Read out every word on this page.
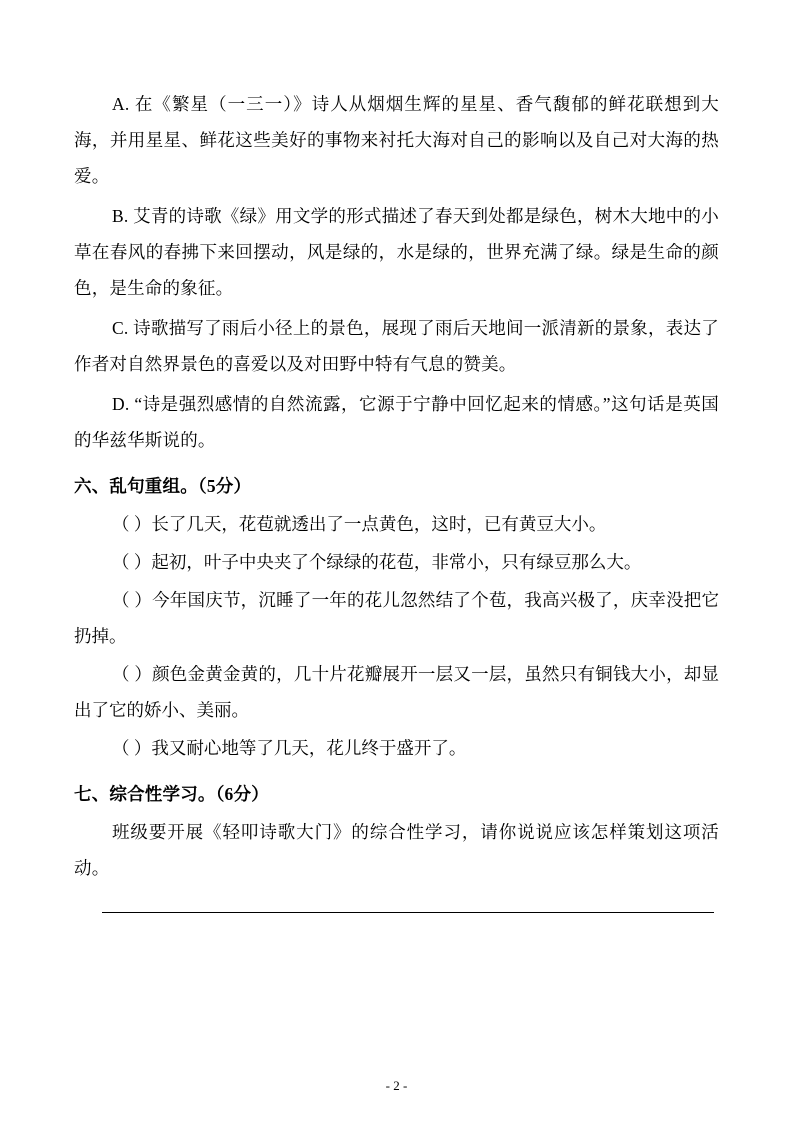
A. 在《繁星（一三一）》诗人从烟烟生辉的星星、香气馥郁的鲜花联想到大海，并用星星、鲜花这些美好的事物来衬托大海对自己的影响以及自己对大海的热爱。
B. 艾青的诗歌《绿》用文学的形式描述了春天到处都是绿色，树木大地中的小草在春风的春拂下来回摆动，风是绿的，水是绿的，世界充满了绿。绿是生命的颜色，是生命的象征。
C. 诗歌描写了雨后小径上的景色，展现了雨后天地间一派清新的景象，表达了作者对自然界景色的喜爱以及对田野中特有气息的赞美。
D. “诗是强烈感情的自然流露，它源于宁静中回忆起来的情感。”这句话是英国的华兹华斯说的。
六、乱句重组。（5分）
（ ）长了几天，花苞就透出了一点黄色，这时，已有黄豆大小。
（ ）起初，叶子中央夹了个绿绿的花苞，非常小，只有绿豆那么大。
（ ）今年国庆节，沉睡了一年的花儿忽然结了个苞，我高兴极了，庆幸没把它扔掉。
（ ）颜色金黄金黄的，几十片花瓣展开一层又一层，虽然只有铜钱大小，却显出了它的娇小、美丽。
（ ）我又耐心地等了几天，花儿终于盛开了。
七、综合性学习。（6分）
班级要开展《轻叩诗歌大门》的综合性学习，请你说说应该怎样策划这项活动。
- 2 -
